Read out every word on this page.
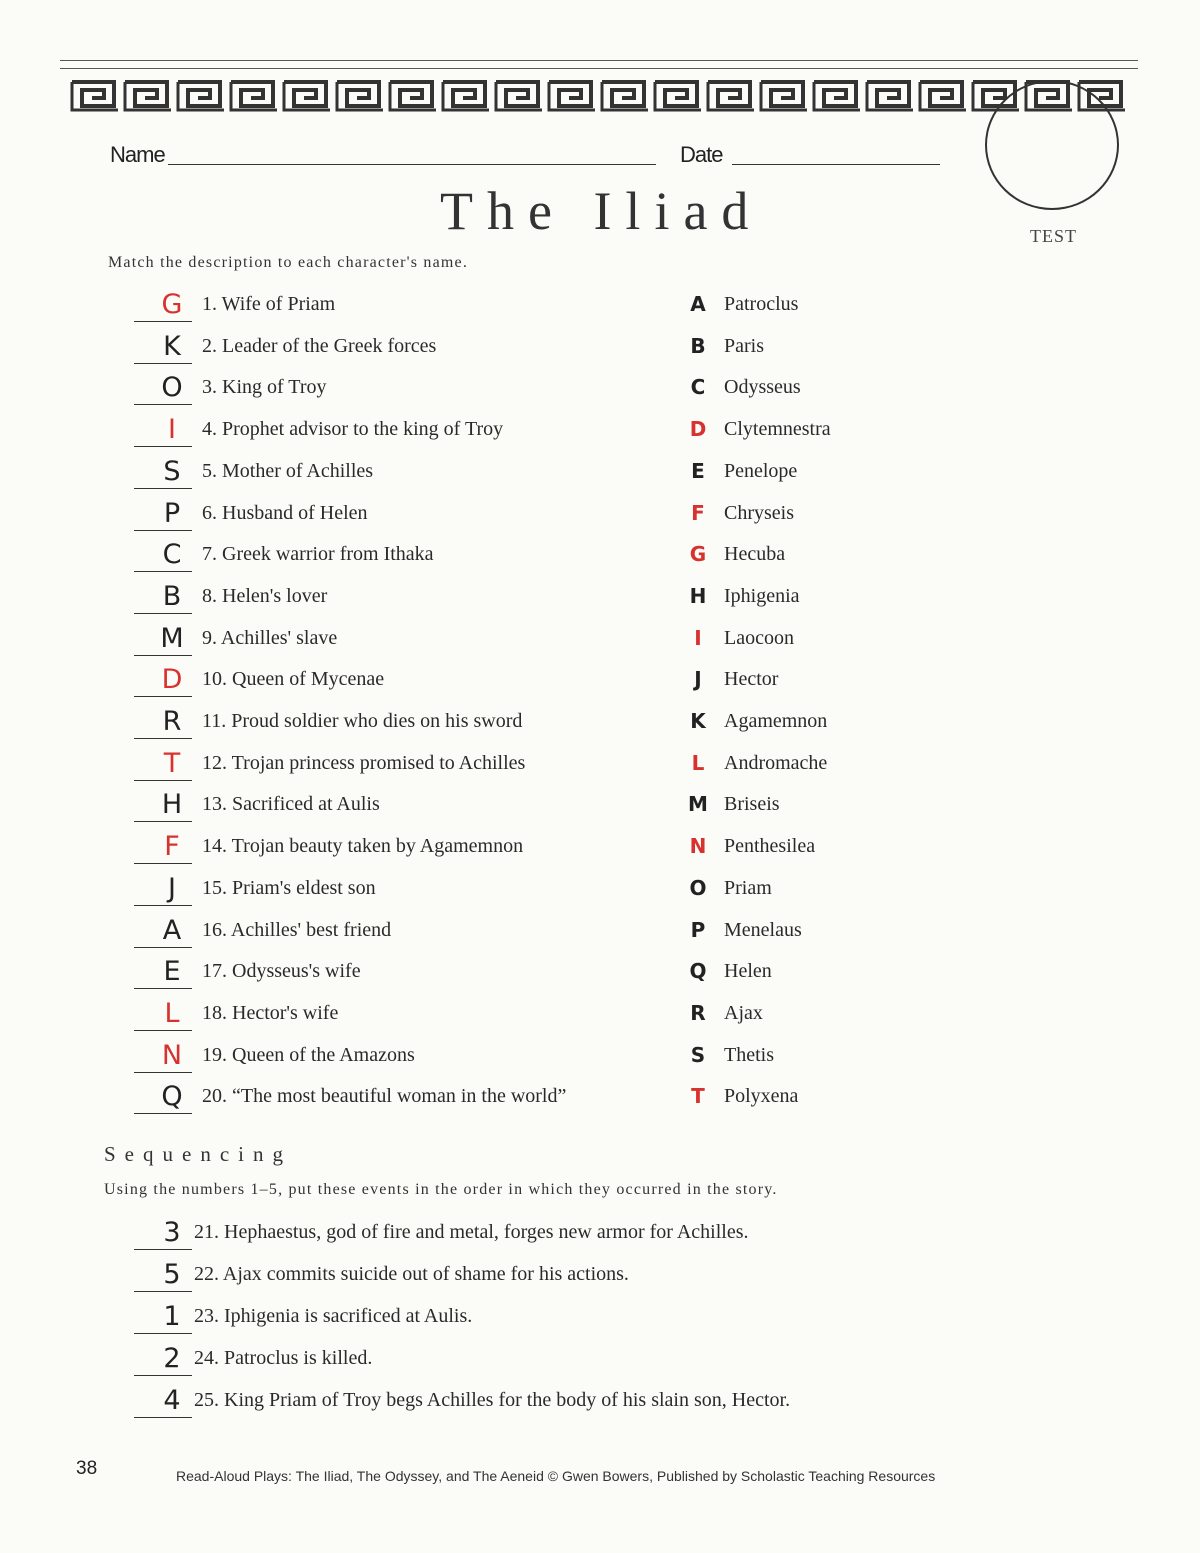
TEST
Name	Date
The Iliad
Match the description to each character's name.
G 1. Wife of Priam	A Patroclus
K	2. Leader of the Greek forces	B Paris
O 3. King of Troy	C Odysseus
I	4. Prophet advisor to the king of Troy	D Clytemnestra
S	5. Mother of Achilles	E Penelope
P	6. Husband of Helen	F Chryseis
C	7. Greek warrior from Ithaka	G Hecuba
B	8. Helen's lover	H Iphigenia
M 9. Achilles' slave	I	Laocoon
D 10. Queen of Mycenae	J	Hector
R	11. Proud soldier who dies on his sword	K Agamemnon
T	12. Trojan princess promised to Achilles	L Andromache
H 13. Sacrificed at Aulis	M Briseis
F	14. Trojan beauty taken by Agamemnon	N Penthesilea
J	15. Priam's eldest son	O Priam
A	16. Achilles' best friend	P Menelaus
E	17. Odysseus's wife	Q Helen
L	18. Hector's wife	R Ajax
N 19. Queen of the Amazons	S Thetis
Q 20. “The most beautiful woman in the world”	T Polyxena
Sequencing
Using the numbers 1–5, put these events in the order in which they occurred in the story.
3 21. Hephaestus, god of fire and metal, forges new armor for Achilles.
5 22. Ajax commits suicide out of shame for his actions.
1 23. Iphigenia is sacrificed at Aulis.
2 24. Patroclus is killed.
4 25. King Priam of Troy begs Achilles for the body of his slain son, Hector.
38	Read-Aloud Plays: The Iliad, The Odyssey, and The Aeneid © Gwen Bowers, Published by Scholastic Teaching Resources
